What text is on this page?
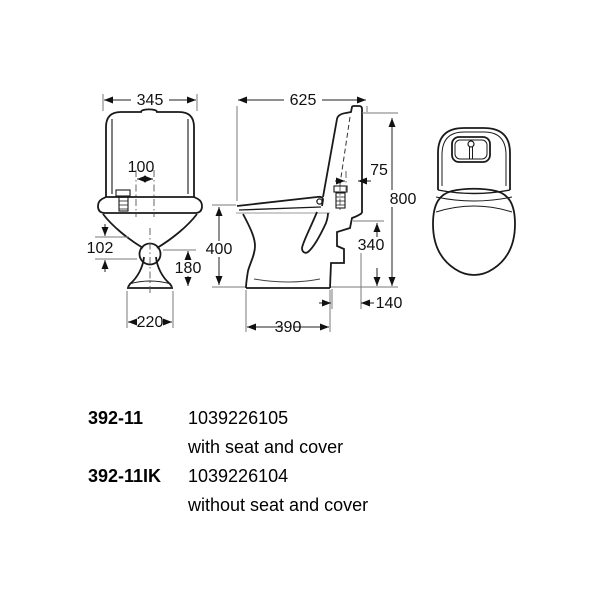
345
100
102
180
220
625
75
800
340
400
390
140
392-11	1039226105
with seat and cover
392-11IK	1039226104
without seat and cover
